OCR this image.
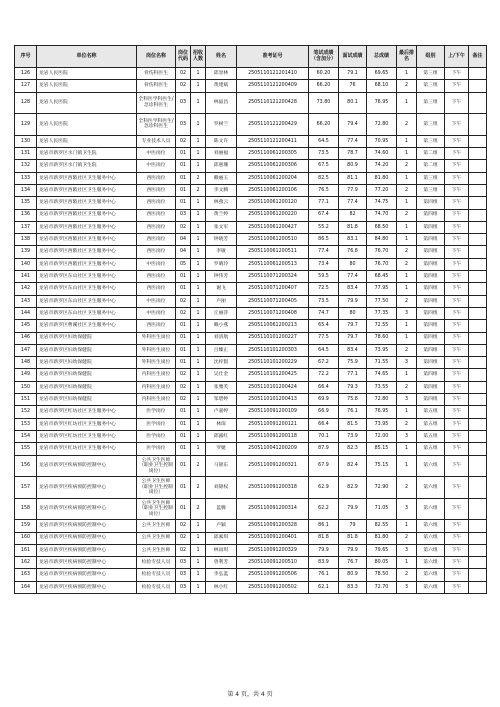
序号	单位名称	岗位名称	岗位代码	招收人数	姓名	准考证号	笔试成绩（含加分）	面试成绩	总成绩	最后排名	组别	上/下午	备注
126	龙岩人民医院	骨伤科医生	02	1	邱誉林	2505110121201410	60.20	79.1	69.65	1	第三组	下午	
127	龙岩人民医院	骨伤科医生	02	1	黄建斌	2505110121200409	66.20	76	68.10	2	第三组	下午	
128	龙岩人民医院	全科医学科医生/急诊科医生	03	1	林鼠昌	2505110121200428	73.80	80.1	76.95	1	第三组	下午	
129	龙岩人民医院	全科医学科医生/急诊科医生	03	1	罗树兰	2505110121200429	66.20	79.4	72.80	2	第三组	下午	
130	龙岩人民医院	专业技术人员	02	1	陈文许	2505110121200411	64.5	77.4	70.95	1	第三组	下午	
131	龙岩市新罗区水门镇卫生院	中医岗位	01	1	刘丽福	2505110061200305	73.5	78.7	74.60	1	第二组	下午	
132	龙岩市新罗区水门镇卫生院	中医岗位	01	1	邱惠珊	2505110061200306	67.5	80.9	74.20	2	第二组	下午	
133	龙岩市新罗区西陂社区卫生服务中心	西医岗位	01	2	赖丽玉	2505110061200204	82.5	81.1	81.80	1	第三组	下午	
134	龙岩市新罗区西陂社区卫生服务中心	西医岗位	01	2	李文腾	2505110061200106	76.5	77.9	77.20	2	第三组	下午	
135	龙岩市新罗区西陂社区卫生服务中心	西医岗位	01	1	林燕云	2505110061200120	77.1	77.4	74.75	1	第四组	下午	
136	龙岩市新罗区西陂社区卫生服务中心	西医岗位	03	1	黄兰婷	2505110061200220	67.4	82	74.70	2	第四组	下午	
137	龙岩市新罗区西陂社区卫生服务中心	西医岗位	02	1	张文军	2505110061200427	55.2	81.8	68.50	1	第四组	下午	
138	龙岩市新罗区西陂社区卫生服务中心	西医岗位	04	1	钟晓芳	2505110061200510	86.5	83.1	84.80	1	第四组	下午	
139	龙岩市新罗区西陂社区卫生服务中心	西医岗位	04	1	李敏	2505110061200511	77.4	76.8	76.70	2	第四组	下午	
140	龙岩市新罗区西陂社区卫生服务中心	中医岗位	05	1	罗晴玲	2505110061200513	73.4	80	76.70	2	第四组	下午	
141	龙岩市新罗区东山社区卫生服务中心	西医岗位	01	1	钟伟芳	2505110071200324	59.5	77.4	68.45	1	第四组	下午	
142	龙岩市新罗区东山社区卫生服务中心	西医岗位	01	1	谢飞	2505110071200407	72.5	83.4	77.95	1	第四组	下午	
143	龙岩市新罗区东山社区卫生服务中心	中医岗位	02	1	卢丽	2505110071200405	73.5	79.9	77.50	2	第四组	下午	
144	龙岩市新罗区东山社区卫生服务中心	中医岗位	02	1	丘丽萍	2505110071200408	74.7	80	77.35	3	第四组	下午	
145	龙岩市新罗区曹溪社区卫生服务中心	西医岗位	01	1	赖小燕	2505110061200213	65.4	79.7	72.55	1	第四组	下午	
146	龙岩市新罗区妇幼保健院	外科医生岗位	01	1	刘清航	2505110101200227	77.5	79.7	78.60	1	第四组	下午	
147	龙岩市新罗区妇幼保健院	外科医生岗位	01	1	吕臻正	2505110101200303	64.5	83.4	73.95	2	第四组	下午	
148	龙岩市新罗区妇幼保健院	外科医生岗位	01	1	沈梓賢	2505110101200229	67.2	75.9	71.55	3	第四组	下午	
149	龙岩市新罗区妇幼保健院	内科医生岗位	02	1	吴仕金	2505110101200425	72.2	77.1	74.65	1	第四组	下午	
150	龙岩市新罗区妇幼保健院	内科医生岗位	02	1	张雅芙	2505110101200424	66.4	79.3	73.55	2	第四组	下午	
151	龙岩市新罗区妇幼保健院	内科医生岗位	02	1	邹碧婷	2505110101200413	69.9	75.8	72.80	3	第四组	下午	
152	龙岩市新罗区红坊社区卫生服务中心	医学岗位	01	1	卢嘉婷	2505110091200109	66.9	76.1	76.95	1	第五组	下午	
153	龙岩市新罗区红坊社区卫生服务中心	医学岗位	01	1	林琛	2505110091200121	66.4	81.5	73.95	2	第五组	下午	
154	龙岩市新罗区红坊社区卫生服务中心	医学岗位	01	1	邱露红	2505110091200118	70.1	73.9	72.00	3	第五组	下午	
155	龙岩市新罗区红坊社区卫生服务中心	医学岗位	01	1	罗婕	2505110041200209	87.9	82.3	85.15	1	第五组	下午	
156	龙岩市新罗区疾病预防控制中心	公共卫生医师（职业卫生控制岗位）	01	2	马锦东	2505110091200321	67.9	82.4	75.15	1	第六组	下午	
157	龙岩市新罗区疾病预防控制中心	公共卫生医师（职业卫生控制岗位）	01	2	刘锦权	2505110091200318	62.9	82.9	72.90	2	第六组	下午	
158	龙岩市新罗区疾病预防控制中心	公共卫生医师（职业卫生控制岗位）	01	2	蓝腾	2505110091200314	62.2	79.9	71.05	3	第六组	下午	
159	龙岩市新罗区疾病预防控制中心	公共卫生医师	02	1	卢颖	2505110091200328	86.1	79	82.55	1	第六组	下午	
160	龙岩市新罗区疾病预防控制中心	公共卫生医师	02	1	邱素琪	2505110091200401	81.8	81.8	81.80	2	第六组	下午	
161	龙岩市新罗区疾病预防控制中心	公共卫生医师	02	1	林雨琪	2505110091200329	79.9	79.9	79.65	3	第六组	下午	
162	龙岩市新罗区疾病预防控制中心	检验专技人员	03	1	曾利芳	2505110091200510	83.9	76.7	80.05	1	第六组	下午	
163	龙岩市新罗区疾病预防控制中心	检验专技人员	03	1	李弘蓝	2505110091200506	76.1	80.9	78.50	2	第六组	下午	
164	龙岩市新罗区疾病预防控制中心	检验专技人员	03	1	林小红	2505110091200502	62.1	83.3	72.70	3	第六组	下午	
第 4 页，共 4 页
